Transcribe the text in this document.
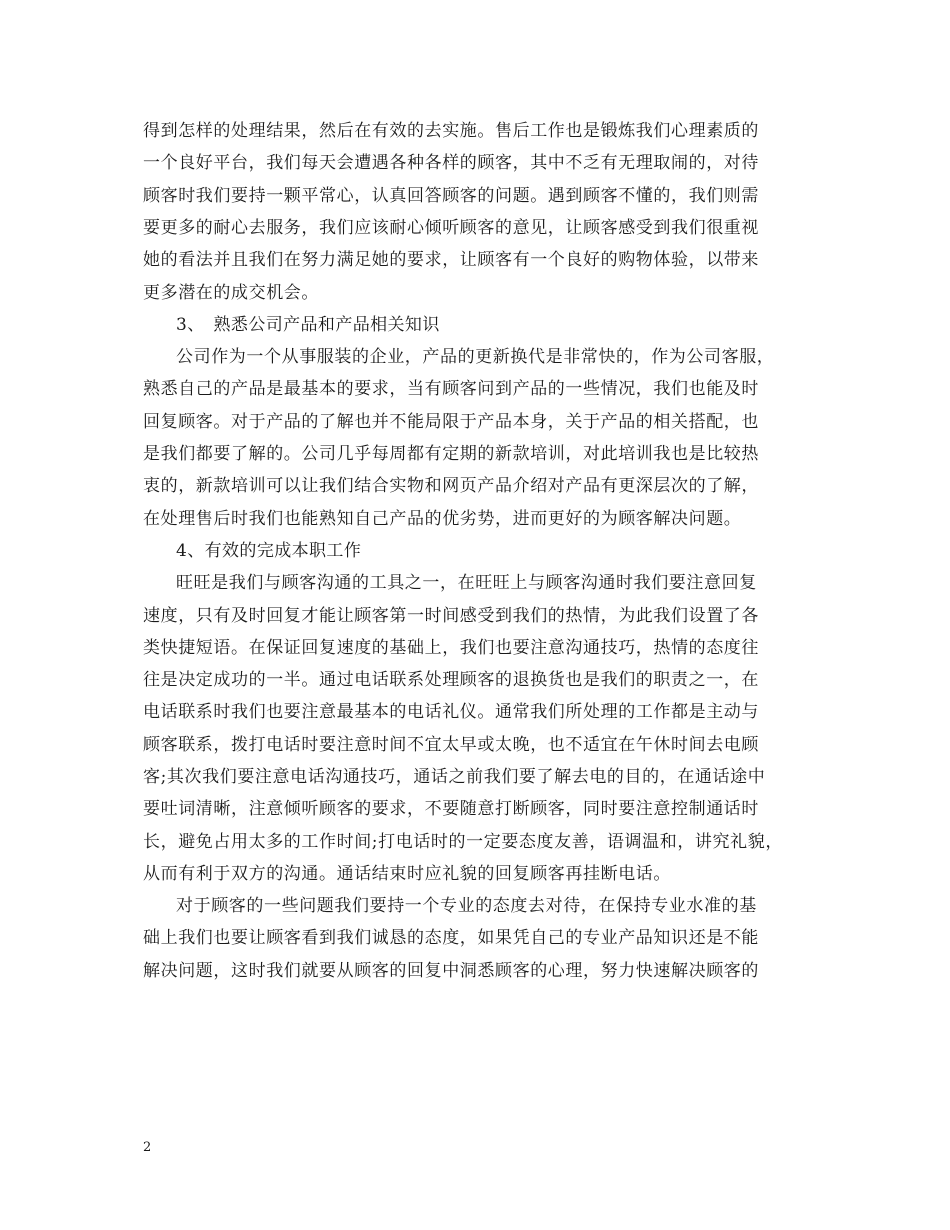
得到怎样的处理结果，然后在有效的去实施。售后工作也是锻炼我们心理素质的
一个良好平台，我们每天会遭遇各种各样的顾客，其中不乏有无理取闹的，对待
顾客时我们要持一颗平常心，认真回答顾客的问题。遇到顾客不懂的，我们则需
要更多的耐心去服务，我们应该耐心倾听顾客的意见，让顾客感受到我们很重视
她的看法并且我们在努力满足她的要求，让顾客有一个良好的购物体验，以带来
更多潜在的成交机会。
3、　熟悉公司产品和产品相关知识
公司作为一个从事服装的企业，产品的更新换代是非常快的，作为公司客服，
熟悉自己的产品是最基本的要求，当有顾客问到产品的一些情况，我们也能及时
回复顾客。对于产品的了解也并不能局限于产品本身，关于产品的相关搭配，也
是我们都要了解的。公司几乎每周都有定期的新款培训，对此培训我也是比较热
衷的，新款培训可以让我们结合实物和网页产品介绍对产品有更深层次的了解，
在处理售后时我们也能熟知自己产品的优劣势，进而更好的为顾客解决问题。
4、有效的完成本职工作
旺旺是我们与顾客沟通的工具之一，在旺旺上与顾客沟通时我们要注意回复
速度，只有及时回复才能让顾客第一时间感受到我们的热情，为此我们设置了各
类快捷短语。在保证回复速度的基础上，我们也要注意沟通技巧，热情的态度往
往是决定成功的一半。通过电话联系处理顾客的退换货也是我们的职责之一，在
电话联系时我们也要注意最基本的电话礼仪。通常我们所处理的工作都是主动与
顾客联系，拨打电话时要注意时间不宜太早或太晚，也不适宜在午休时间去电顾
客;其次我们要注意电话沟通技巧，通话之前我们要了解去电的目的，在通话途中
要吐词清晰，注意倾听顾客的要求，不要随意打断顾客，同时要注意控制通话时
长，避免占用太多的工作时间;打电话时的一定要态度友善，语调温和，讲究礼貌，
从而有利于双方的沟通。通话结束时应礼貌的回复顾客再挂断电话。
对于顾客的一些问题我们要持一个专业的态度去对待，在保持专业水准的基
础上我们也要让顾客看到我们诚恳的态度，如果凭自己的专业产品知识还是不能
解决问题，这时我们就要从顾客的回复中洞悉顾客的心理，努力快速解决顾客的
2
